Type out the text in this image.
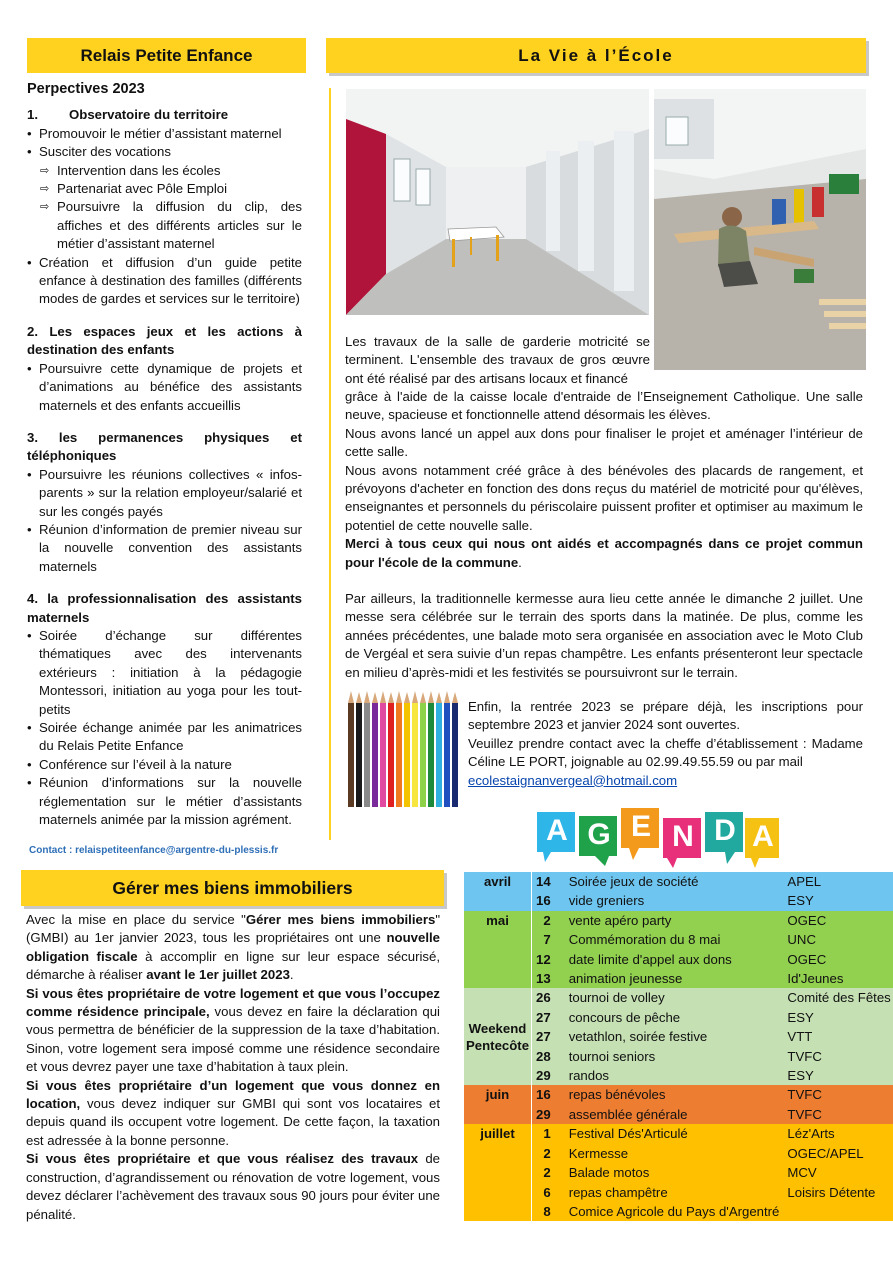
Relais Petite Enfance
Perpectives 2023
1. Observatoire du territoire
• Promouvoir le métier d’assistant maternel
• Susciter des vocations
⇨ Intervention dans les écoles
⇨ Partenariat avec Pôle Emploi
⇨ Poursuivre la diffusion du clip, des affiches et des différents articles sur le métier d’assistant maternel
• Création et diffusion d’un guide petite enfance à destination des familles (différents modes de gardes et services sur le territoire)
2. Les espaces jeux et les actions à destination des enfants
• Poursuivre cette dynamique de projets et d’animations au bénéfice des assistants maternels et des enfants accueillis
3. les permanences physiques et téléphoniques
• Poursuivre les réunions collectives « infos-parents » sur la relation employeur/salarié et sur les congés payés
• Réunion d’information de premier niveau sur la nouvelle convention des assistants maternels
4. la professionnalisation des assistants maternels
• Soirée d’échange sur différentes thématiques avec des intervenants extérieurs : initiation à la pédagogie Montessori, initiation au yoga pour les tout-petits
• Soirée échange animée par les animatrices du Relais Petite Enfance
• Conférence sur l’éveil à la nature
• Réunion d’informations sur la nouvelle réglementation sur le métier d’assistants maternels animée par la mission agrément.
Contact : relaispetiteenfance@argentre-du-plessis.fr
La Vie à l’École

Les travaux de la salle de garderie motricité se terminent. L'ensemble des travaux de gros œuvre ont été réalisé par des artisans locaux et financé

grâce à l'aide de la caisse locale d'entraide de l’Enseignement Catholique. Une salle neuve, spacieuse et fonctionnelle attend désormais les élèves.

Nous avons lancé un appel aux dons pour finaliser le projet et aménager l’intérieur de cette salle.

Nous avons notamment créé grâce à des bénévoles des placards de rangement, et prévoyons d'acheter en fonction des dons reçus du matériel de motricité pour qu'élèves, enseignantes et personnels du périscolaire puissent profiter et optimiser au maximum le potentiel de cette nouvelle salle.

Merci à tous ceux qui nous ont aidés et accompagnés dans ce projet commun pour l'école de la commune.

Par ailleurs, la traditionnelle kermesse aura lieu cette année le dimanche 2 juillet. Une messe sera célébrée sur le terrain des sports dans la matinée. De plus, comme les années précédentes, une balade moto sera organisée en association avec le Moto Club de Vergéal et sera suivie d’un repas champêtre. Les enfants présenteront leur spectacle en milieu d’après-midi et les festivités se poursuivront sur le terrain.

Enfin, la rentrée 2023 se prépare déjà, les inscriptions pour septembre 2023 et janvier 2024 sont ouvertes.

Veuillez prendre contact avec la cheffe d’établissement : Madame Céline LE PORT, joignable au 02.99.49.55.59 ou par mail

ecolestaignanvergeal@hotmail.com

A G E N D A
avril	14	Soirée jeux de société	APEL
	16	vide greniers	ESY
mai	2	vente apéro party	OGEC
	7	Commémoration du 8 mai	UNC
	12	date limite d'appel aux dons	OGEC
	13	animation jeunesse	Id'Jeunes
Weekend Pentecôte	26	tournoi de volley	Comité des Fêtes
	27	concours de pêche	ESY
	27	vetathlon, soirée festive	VTT
	28	tournoi seniors	TVFC
	29	randos	ESY
juin	16	repas bénévoles	TVFC
	29	assemblée générale	TVFC
juillet	1	Festival Dés'Articulé	Léz'Arts
	2	Kermesse	OGEC/APEL
	2	Balade motos	MCV
	6	repas champêtre	Loisirs Détente
	8	Comice Agricole du Pays d'Argentré	
Gérer mes biens immobiliers

Avec la mise en place du service "Gérer mes biens immobiliers" (GMBI) au 1er janvier 2023, tous les propriétaires ont une nouvelle obligation fiscale à accomplir en ligne sur leur espace sécurisé, démarche à réaliser avant le 1er juillet 2023.

Si vous êtes propriétaire de votre logement et que vous l’occupez comme résidence principale, vous devez en faire la déclaration qui vous permettra de bénéficier de la suppression de la taxe d’habitation. Sinon, votre logement sera imposé comme une résidence secondaire et vous devrez payer une taxe d’habitation à taux plein.

Si vous êtes propriétaire d’un logement que vous donnez en location, vous devez indiquer sur GMBI qui sont vos locataires et depuis quand ils occupent votre logement. De cette façon, la taxation est adressée à la bonne personne.

Si vous êtes propriétaire et que vous réalisez des travaux de construction, d’agrandissement ou rénovation de votre logement, vous devez déclarer l’achèvement des travaux sous 90 jours pour éviter une pénalité.
